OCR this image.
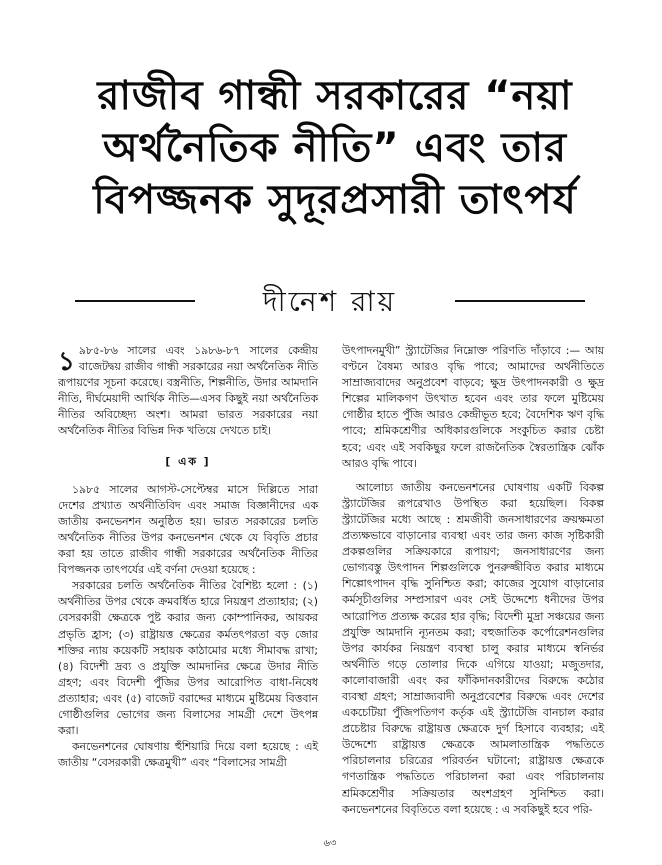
রাজীব গান্ধী সরকারের “নয়া
অর্থনৈতিক নীতি” এবং তার
বিপজ্জনক সুদূরপ্রসারী তাৎপর্য
দীনেশ রায়

১ ৯৮৫-৮৬ সালের এবং ১৯৮৬-৮৭ সালের কেন্দ্রীয় বাজেটদ্বয় রাজীব গান্ধী সরকারের নয়া অর্থনৈতিক নীতি রূপায়ণের সূচনা করেছে। বস্ত্রনীতি, শিল্পনীতি, উদার আমদানি নীতি, দীর্ঘমেয়াদী আর্থিক নীতি—এসব কিছুই নয়া অর্থনৈতিক নীতির অবিচ্ছেদ্য অংশ। আমরা ভারত সরকারের নয়া অর্থনৈতিক নীতির বিভিন্ন দিক খতিয়ে দেখতে চাই।

[ এক ]

১৯৮৫ সালের আগস্ট-সেপ্টেম্বর মাসে দিল্লিতে সারা দেশের প্রখ্যাত অর্থনীতিবিদ এবং সমাজ বিজ্ঞানীদের এক জাতীয় কনভেনশন অনুষ্ঠিত হয়। ভারত সরকারের চলতি অর্থনৈতিক নীতির উপর কনভেনশন থেকে যে বিবৃতি প্রচার করা হয় তাতে রাজীব গান্ধী সরকারের অর্থনৈতিক নীতির বিপজ্জনক তাৎপর্যের এই বর্ণনা দেওয়া হয়েছে :

সরকারের চলতি অর্থনৈতিক নীতির বৈশিষ্ট্য হলো : (১) অর্থনীতির উপর থেকে ক্রমবর্ধিত হারে নিয়ন্ত্রণ প্রত্যাহার; (২) বেসরকারী ক্ষেত্রকে পুষ্ট করার জন্য কোম্পানিকর, আয়কর প্রভৃতি হ্রাস; (৩) রাষ্ট্রায়ত্ত ক্ষেত্রের কর্মতৎপরতা বড় জোর শক্তির ন্যায় কয়েকটি সহায়ক কাঠামোর মধ্যে সীমাবদ্ধ রাখা; (৪) বিদেশী দ্রব্য ও প্রযুক্তি আমদানির ক্ষেত্রে উদার নীতি গ্রহণ; এবং বিদেশী পুঁজির উপর আরোপিত বাধা-নিষেধ প্রত্যাহার; এবং (৫) বাজেট বরাদ্দের মাধ্যমে মুষ্টিমেয় বিত্তবান গোষ্ঠীগুলির ভোগের জন্য বিলাসের সামগ্রী দেশে উৎপন্ন করা।

কনভেনশনের ঘোষণায় হুঁশিয়ারি দিয়ে বলা হয়েছে : এই জাতীয় “বেসরকারী ক্ষেত্রমুখী” এবং “বিলাসের সামগ্রী

উৎপাদনমুখী” স্ট্র্যাটেজির নিম্নোক্ত পরিণতি দাঁড়াবে :— আয় বণ্টনে বৈষম্য আরও বৃদ্ধি পাবে; আমাদের অর্থনীতিতে সাম্রাজ্যবাদের অনুপ্রবেশ বাড়বে; ক্ষুদ্র উৎপাদনকারী ও ক্ষুদ্র শিল্পের মালিকগণ উৎখাত হবেন এবং তার ফলে মুষ্টিমেয় গোষ্ঠীর হাতে পুঁজি আরও কেন্দ্রীভূত হবে; বৈদেশিক ঋণ বৃদ্ধি পাবে; শ্রমিকশ্রেণীর অধিকারগুলিকে সংকুচিত করার চেষ্টা হবে; এবং এই সবকিছুর ফলে রাজনৈতিক স্বৈরতান্ত্রিক ঝোঁক আরও বৃদ্ধি পাবে।

আলোচ্য জাতীয় কনভেনশনের ঘোষণায় একটি বিকল্প স্ট্র্যাটেজির রূপরেখাও উপস্থিত করা হয়েছিল। বিকল্প স্ট্র্যাটেজির মধ্যে আছে : শ্রমজীবী জনসাধারণের ক্রয়ক্ষমতা প্রত্যক্ষভাবে বাড়ানোর ব্যবস্থা এবং তার জন্য কাজ সৃষ্টিকারী প্রকল্পগুলির সক্রিয়কারে রূপায়ণ; জনসাধারণের জন্য ভোগ্যবস্তু উৎপাদন শিল্পগুলিকে পুনরুজ্জীবিত করার মাধ্যমে শিল্পোৎপাদন বৃদ্ধি সুনিশ্চিত করা; কাজের সুযোগ বাড়ানোর কর্মসূচীগুলির সম্প্রসারণ এবং সেই উদ্দেশ্যে ধনীদের উপর আরোপিত প্রত্যক্ষ করের হার বৃদ্ধি; বিদেশী মুদ্রা সঞ্চয়ের জন্য প্রযুক্তি আমদানি ন্যূনতম করা; বহুজাতিক কর্পোরেশনগুলির উপর কার্যকর নিয়ন্ত্রণ ব্যবস্থা চালু করার মাধ্যমে স্বনির্ভর অর্থনীতি গড়ে তোলার দিকে এগিয়ে যাওয়া; মজুতদার, কালোবাজারী এবং কর ফাঁকিদানকারীদের বিরুদ্ধে কঠোর ব্যবস্থা গ্রহণ; সাম্রাজ্যবাদী অনুপ্রবেশের বিরুদ্ধে এবং দেশের একচেটিয়া পুঁজিপতিগণ কর্তৃক এই স্ট্র্যাটেজি বানচাল করার প্রচেষ্টার বিরুদ্ধে রাষ্ট্রায়ত্ত ক্ষেত্রকে দুর্গ হিসাবে ব্যবহার; এই উদ্দেশ্যে রাষ্ট্রায়ত্ত ক্ষেত্রকে আমলাতান্ত্রিক পদ্ধতিতে পরিচালনার চরিত্রের পরিবর্তন ঘটানো; রাষ্ট্রায়ত্ত ক্ষেত্রকে গণতান্ত্রিক পদ্ধতিতে পরিচালনা করা এবং পরিচালনায় শ্রমিকশ্রেণীর সক্রিয়তার অংশগ্রহণ সুনিশ্চিত করা। কনভেনশনের বিবৃতিতে বলা হয়েছে : এ সবকিছুই হবে পরি-

৬৩
